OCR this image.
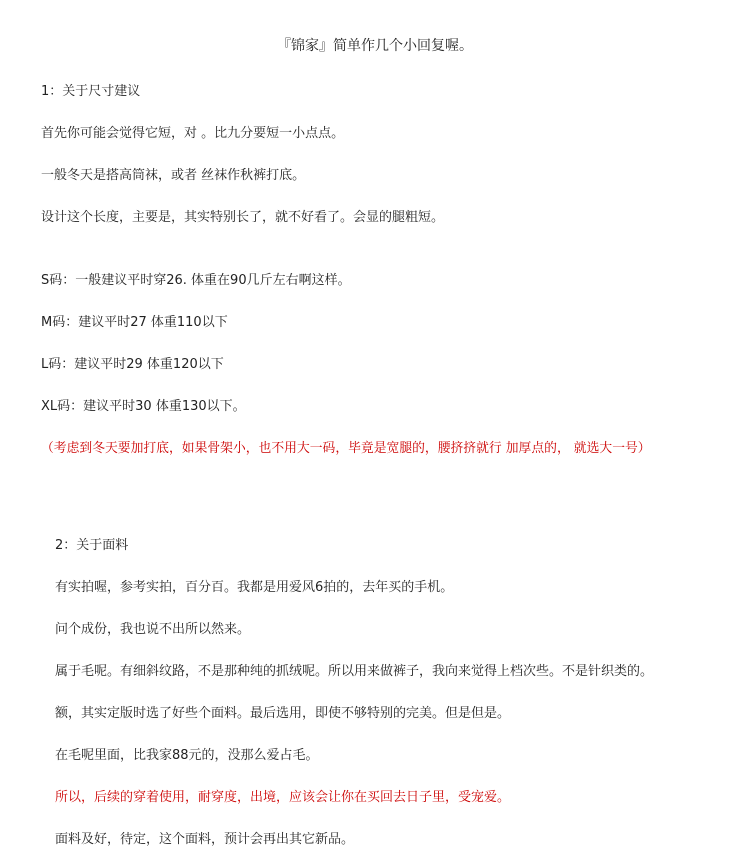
『锦家』简单作几个小回复喔。

1：关于尺寸建议

首先你可能会觉得它短，对 。比九分要短一小点点。

一般冬天是搭高筒袜，或者 丝袜作秋裤打底。

设计这个长度，主要是，其实特别长了，就不好看了。会显的腿粗短。

S码：一般建议平时穿26. 体重在90几斤左右啊这样。

M码：建议平时27 体重110以下

L码：建议平时29 体重120以下

XL码：建议平时30 体重130以下。

（考虑到冬天要加打底，如果骨架小，也不用大一码，毕竟是宽腿的，腰挤挤就行 加厚点的， 就选大一号）

2：关于面料

有实拍喔，参考实拍，百分百。我都是用爱风6拍的，去年买的手机。

问个成份，我也说不出所以然来。

属于毛呢。有细斜纹路，不是那种纯的抓绒呢。所以用来做裤子，我向来觉得上档次些。不是针织类的。

额，其实定版时选了好些个面料。最后选用，即使不够特别的完美。但是但是。

在毛呢里面，比我家88元的，没那么爱占毛。

所以，后续的穿着使用，耐穿度，出境，应该会让你在买回去日子里，受宠爱。

面料及好，待定，这个面料，预计会再出其它新品。
